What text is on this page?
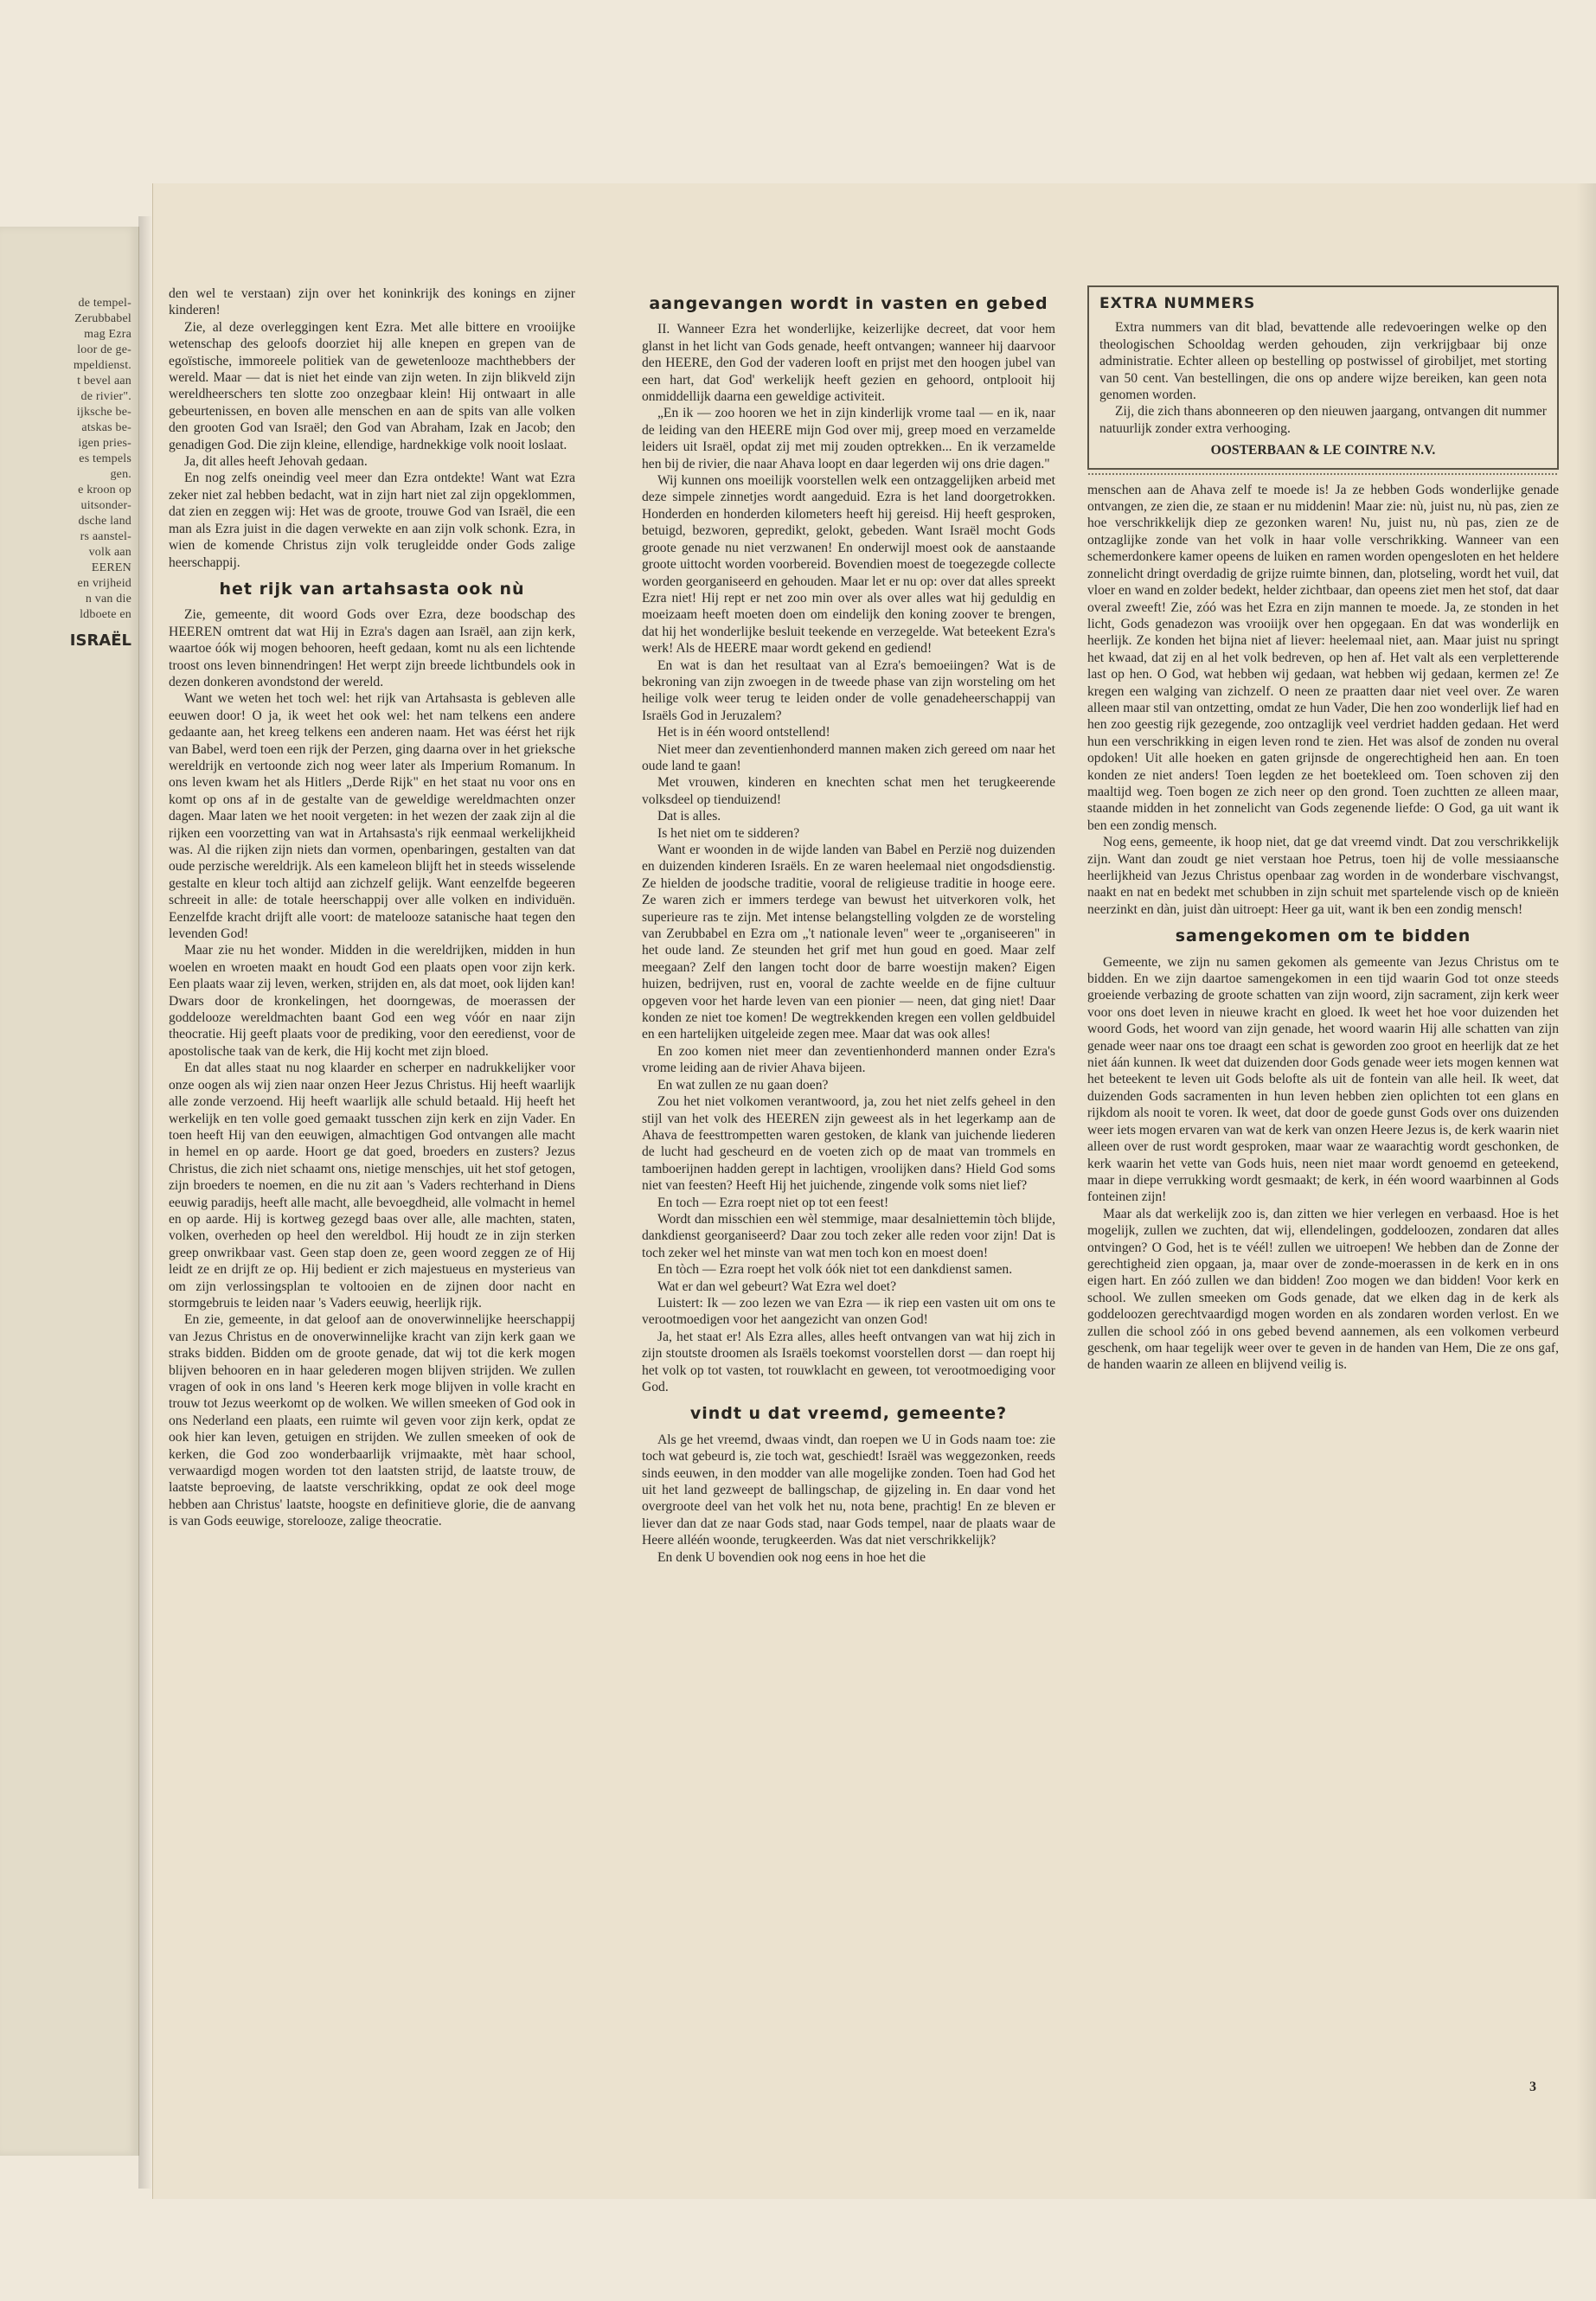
de tempel-
Zerubbabel
mag Ezra
loor de ge-
mpeldienst.
t bevel aan
de rivier".
ijksche be-
atskas be-
igen pries-
es tempels
gen.
e kroon op
uitsonder-
dsche land
rs aanstel-
volk aan
EEREN
en vrijheid
n van die
ldboete en
ISRAËL

den wel te verstaan) zijn over het koninkrijk des konings en zijner kinderen!

Zie, al deze overleggingen kent Ezra. Met alle bittere en vrooiijke wetenschap des geloofs doorziet hij alle knepen en grepen van de egoïstische, immoreele politiek van de gewetenlooze machthebbers der wereld. Maar — dat is niet het einde van zijn weten. In zijn blikveld zijn wereldheerschers ten slotte zoo onzegbaar klein! Hij ontwaart in alle gebeurtenissen, en boven alle menschen en aan de spits van alle volken den grooten God van Israël; den God van Abraham, Izak en Jacob; den genadigen God. Die zijn kleine, ellendige, hardnekkige volk nooit loslaat.

Ja, dit alles heeft Jehovah gedaan.

En nog zelfs oneindig veel meer dan Ezra ontdekte! Want wat Ezra zeker niet zal hebben bedacht, wat in zijn hart niet zal zijn opgeklommen, dat zien en zeggen wij: Het was de groote, trouwe God van Israël, die een man als Ezra juist in die dagen verwekte en aan zijn volk schonk. Ezra, in wien de komende Christus zijn volk terugleidde onder Gods zalige heerschappij.

het rijk van artahsasta ook nù

Zie, gemeente, dit woord Gods over Ezra, deze boodschap des HEEREN omtrent dat wat Hij in Ezra's dagen aan Israël, aan zijn kerk, waartoe óók wij mogen behooren, heeft gedaan, komt nu als een lichtende troost ons leven binnendringen! Het werpt zijn breede lichtbundels ook in dezen donkeren avondstond der wereld.

Want we weten het toch wel: het rijk van Artahsasta is gebleven alle eeuwen door! O ja, ik weet het ook wel: het nam telkens een andere gedaante aan, het kreeg telkens een anderen naam. Het was éérst het rijk van Babel, werd toen een rijk der Perzen, ging daarna over in het grieksche wereldrijk en vertoonde zich nog weer later als Imperium Romanum. In ons leven kwam het als Hitlers „Derde Rijk" en het staat nu voor ons en komt op ons af in de gestalte van de geweldige wereldmachten onzer dagen. Maar laten we het nooit vergeten: in het wezen der zaak zijn al die rijken een voorzetting van wat in Artahsasta's rijk eenmaal werkelijkheid was. Al die rijken zijn niets dan vormen, openbaringen, gestalten van dat oude perzische wereldrijk. Als een kameleon blijft het in steeds wisselende gestalte en kleur toch altijd aan zichzelf gelijk. Want eenzelfde begeeren schreeit in alle: de totale heerschappij over alle volken en individuën. Eenzelfde kracht drijft alle voort: de matelooze satanische haat tegen den levenden God!

Maar zie nu het wonder. Midden in die wereldrijken, midden in hun woelen en wroeten maakt en houdt God een plaats open voor zijn kerk. Een plaats waar zij leven, werken, strijden en, als dat moet, ook lijden kan! Dwars door de kronkelingen, het doorngewas, de moerassen der goddelooze wereldmachten baant God een weg vóór en naar zijn theocratie. Hij geeft plaats voor de prediking, voor den eeredienst, voor de apostolische taak van de kerk, die Hij kocht met zijn bloed.

En dat alles staat nu nog klaarder en scherper en nadrukkelijker voor onze oogen als wij zien naar onzen Heer Jezus Christus. Hij heeft waarlijk alle zonde verzoend. Hij heeft waarlijk alle schuld betaald. Hij heeft het werkelijk en ten volle goed gemaakt tusschen zijn kerk en zijn Vader. En toen heeft Hij van den eeuwigen, almachtigen God ontvangen alle macht in hemel en op aarde. Hoort ge dat goed, broeders en zusters? Jezus Christus, die zich niet schaamt ons, nietige menschjes, uit het stof getogen, zijn broeders te noemen, en die nu zit aan 's Vaders rechterhand in Diens eeuwig paradijs, heeft alle macht, alle bevoegdheid, alle volmacht in hemel en op aarde. Hij is kortweg gezegd baas over alle, alle machten, staten, volken, overheden op heel den wereldbol. Hij houdt ze in zijn sterken greep onwrikbaar vast. Geen stap doen ze, geen woord zeggen ze of Hij leidt ze en drijft ze op. Hij bedient er zich majestueus en mysterieus van om zijn verlossingsplan te voltooien en de zijnen door nacht en stormgebruis te leiden naar 's Vaders eeuwig, heerlijk rijk.

En zie, gemeente, in dat geloof aan de onoverwinnelijke heerschappij van Jezus Christus en de onoverwinnelijke kracht van zijn kerk gaan we straks bidden. Bidden om de groote genade, dat wij tot die kerk mogen blijven behooren en in haar gelederen mogen blijven strijden. We zullen vragen of ook in ons land 's Heeren kerk moge blijven in volle kracht en trouw tot Jezus weerkomt op de wolken. We willen smeeken of God ook in ons Nederland een plaats, een ruimte wil geven voor zijn kerk, opdat ze ook hier kan leven, getuigen en strijden. We zullen smeeken of ook de kerken, die God zoo wonderbaarlijk vrijmaakte, mèt haar school, verwaardigd mogen worden tot den laatsten strijd, de laatste trouw, de laatste beproeving, de laatste verschrikking, opdat ze ook deel moge hebben aan Christus' laatste, hoogste en definitieve glorie, die de aanvang is van Gods eeuwige, storelooze, zalige theocratie.

aangevangen wordt in vasten en gebed

II. Wanneer Ezra het wonderlijke, keizerlijke decreet, dat voor hem glanst in het licht van Gods genade, heeft ontvangen; wanneer hij daarvoor den HEERE, den God der vaderen looft en prijst met den hoogen jubel van een hart, dat God' werkelijk heeft gezien en gehoord, ontplooit hij onmiddellijk daarna een geweldige activiteit.

„En ik — zoo hooren we het in zijn kinderlijk vrome taal — en ik, naar de leiding van den HEERE mijn God over mij, greep moed en verzamelde leiders uit Israël, opdat zij met mij zouden optrekken... En ik verzamelde hen bij de rivier, die naar Ahava loopt en daar legerden wij ons drie dagen."

Wij kunnen ons moeilijk voorstellen welk een ontzaggelijken arbeid met deze simpele zinnetjes wordt aangeduid. Ezra is het land doorgetrokken. Honderden en honderden kilometers heeft hij gereisd. Hij heeft gesproken, betuigd, bezworen, gepredikt, gelokt, gebeden. Want Israël mocht Gods groote genade nu niet verzwanen! En onderwijl moest ook de aanstaande groote uittocht worden voorbereid. Bovendien moest de toegezegde collecte worden georganiseerd en gehouden. Maar let er nu op: over dat alles spreekt Ezra niet! Hij rept er net zoo min over als over alles wat hij geduldig en moeizaam heeft moeten doen om eindelijk den koning zoover te brengen, dat hij het wonderlijke besluit teekende en verzegelde. Wat beteekent Ezra's werk! Als de HEERE maar wordt gekend en gediend!

En wat is dan het resultaat van al Ezra's bemoeiingen? Wat is de bekroning van zijn zwoegen in de tweede phase van zijn worsteling om het heilige volk weer terug te leiden onder de volle genadeheerschappij van Israëls God in Jeruzalem?

Het is in één woord ontstellend!

Niet meer dan zeventienhonderd mannen maken zich gereed om naar het oude land te gaan!

Met vrouwen, kinderen en knechten schat men het terugkeerende volksdeel op tienduizend!

Dat is alles.

Is het niet om te sidderen?

Want er woonden in de wijde landen van Babel en Perzië nog duizenden en duizenden kinderen Israëls. En ze waren heelemaal niet ongodsdienstig. Ze hielden de joodsche traditie, vooral de religieuse traditie in hooge eere. Ze waren zich er immers terdege van bewust het uitverkoren volk, het superieure ras te zijn. Met intense belangstelling volgden ze de worsteling van Zerubbabel en Ezra om „'t nationale leven" weer te „organiseeren" in het oude land. Ze steunden het grif met hun goud en goed. Maar zelf meegaan? Zelf den langen tocht door de barre woestijn maken? Eigen huizen, bedrijven, rust en, vooral de zachte weelde en de fijne cultuur opgeven voor het harde leven van een pionier — neen, dat ging niet! Daar konden ze niet toe komen! De wegtrekkenden kregen een vollen geldbuidel en een hartelijken uitgeleide zegen mee. Maar dat was ook alles!

En zoo komen niet meer dan zeventienhonderd mannen onder Ezra's vrome leiding aan de rivier Ahava bijeen.

En wat zullen ze nu gaan doen?

Zou het niet volkomen verantwoord, ja, zou het niet zelfs geheel in den stijl van het volk des HEEREN zijn geweest als in het legerkamp aan de Ahava de feesttrompetten waren gestoken, de klank van juichende liederen de lucht had gescheurd en de voeten zich op de maat van trommels en tamboerijnen hadden gerept in lachtigen, vroolijken dans? Hield God soms niet van feesten? Heeft Hij het juichende, zingende volk soms niet lief?

En toch — Ezra roept niet op tot een feest!

Wordt dan misschien een wèl stemmige, maar desalniettemin tòch blijde, dankdienst georganiseerd? Daar zou toch zeker alle reden voor zijn! Dat is toch zeker wel het minste van wat men toch kon en moest doen!

En tòch — Ezra roept het volk óók niet tot een dankdienst samen.

Wat er dan wel gebeurt? Wat Ezra wel doet?

Luistert: Ik — zoo lezen we van Ezra — ik riep een vasten uit om ons te verootmoedigen voor het aangezicht van onzen God!

Ja, het staat er! Als Ezra alles, alles heeft ontvangen van wat hij zich in zijn stoutste droomen als Israëls toekomst voorstellen dorst — dan roept hij het volk op tot vasten, tot rouwklacht en geween, tot verootmoediging voor God.

vindt u dat vreemd, gemeente?

Als ge het vreemd, dwaas vindt, dan roepen we U in Gods naam toe: zie toch wat gebeurd is, zie toch wat, geschiedt! Israël was weggezonken, reeds sinds eeuwen, in den modder van alle mogelijke zonden. Toen had God het uit het land gezweept de ballingschap, de gijzeling in. En daar vond het overgroote deel van het volk het nu, nota bene, prachtig! En ze bleven er liever dan dat ze naar Gods stad, naar Gods tempel, naar de plaats waar de Heere alléén woonde, terugkeerden. Was dat niet verschrikkelijk?

En denk U bovendien ook nog eens in hoe het die

EXTRA NUMMERS

Extra nummers van dit blad, bevattende alle redevoeringen welke op den theologischen Schooldag werden gehouden, zijn verkrijgbaar bij onze administratie. Echter alleen op bestelling op postwissel of girobiljet, met storting van 50 cent. Van bestellingen, die ons op andere wijze bereiken, kan geen nota genomen worden.

Zij, die zich thans abonneeren op den nieuwen jaargang, ontvangen dit nummer natuurlijk zonder extra verhooging.

OOSTERBAAN & LE COINTRE N.V.

menschen aan de Ahava zelf te moede is! Ja ze hebben Gods wonderlijke genade ontvangen, ze zien die, ze staan er nu middenin! Maar zie: nù, juist nu, nù pas, zien ze hoe verschrikkelijk diep ze gezonken waren! Nu, juist nu, nù pas, zien ze de ontzaglijke zonde van het volk in haar volle verschrikking. Wanneer van een schemerdonkere kamer opeens de luiken en ramen worden opengesloten en het heldere zonnelicht dringt overdadig de grijze ruimte binnen, dan, plotseling, wordt het vuil, dat vloer en wand en zolder bedekt, helder zichtbaar, dan opeens ziet men het stof, dat daar overal zweeft! Zie, zóó was het Ezra en zijn mannen te moede. Ja, ze stonden in het licht, Gods genadezon was vrooiijk over hen opgegaan. En dat was wonderlijk en heerlijk. Ze konden het bijna niet af liever: heelemaal niet, aan. Maar juist nu springt het kwaad, dat zij en al het volk bedreven, op hen af. Het valt als een verpletterende last op hen. O God, wat hebben wij gedaan, wat hebben wij gedaan, kermen ze! Ze kregen een walging van zichzelf. O neen ze praatten daar niet veel over. Ze waren alleen maar stil van ontzetting, omdat ze hun Vader, Die hen zoo wonderlijk lief had en hen zoo geestig rijk gezegende, zoo ontzaglijk veel verdriet hadden gedaan. Het werd hun een verschrikking in eigen leven rond te zien. Het was alsof de zonden nu overal opdoken! Uit alle hoeken en gaten grijnsde de ongerechtigheid hen aan. En toen konden ze niet anders! Toen legden ze het boetekleed om. Toen schoven zij den maaltijd weg. Toen bogen ze zich neer op den grond. Toen zuchtten ze alleen maar, staande midden in het zonnelicht van Gods zegenende liefde: O God, ga uit want ik ben een zondig mensch.

Nog eens, gemeente, ik hoop niet, dat ge dat vreemd vindt. Dat zou verschrikkelijk zijn. Want dan zoudt ge niet verstaan hoe Petrus, toen hij de volle messiaansche heerlijkheid van Jezus Christus openbaar zag worden in de wonderbare vischvangst, naakt en nat en bedekt met schubben in zijn schuit met spartelende visch op de knieën neerzinkt en dàn, juist dàn uitroept: Heer ga uit, want ik ben een zondig mensch!

samengekomen om te bidden

Gemeente, we zijn nu samen gekomen als gemeente van Jezus Christus om te bidden. En we zijn daartoe samengekomen in een tijd waarin God tot onze steeds groeiende verbazing de groote schatten van zijn woord, zijn sacrament, zijn kerk weer voor ons doet leven in nieuwe kracht en gloed. Ik weet het hoe voor duizenden het woord Gods, het woord van zijn genade, het woord waarin Hij alle schatten van zijn genade weer naar ons toe draagt een schat is geworden zoo groot en heerlijk dat ze het niet áán kunnen. Ik weet dat duizenden door Gods genade weer iets mogen kennen wat het beteekent te leven uit Gods belofte als uit de fontein van alle heil. Ik weet, dat duizenden Gods sacramenten in hun leven hebben zien oplichten tot een glans en rijkdom als nooit te voren. Ik weet, dat door de goede gunst Gods over ons duizenden weer iets mogen ervaren van wat de kerk van onzen Heere Jezus is, de kerk waarin niet alleen over de rust wordt gesproken, maar waar ze waarachtig wordt geschonken, de kerk waarin het vette van Gods huis, neen niet maar wordt genoemd en geteekend, maar in diepe verrukking wordt gesmaakt; de kerk, in één woord waarbinnen al Gods fonteinen zijn!

Maar als dat werkelijk zoo is, dan zitten we hier verlegen en verbaasd. Hoe is het mogelijk, zullen we zuchten, dat wij, ellendelingen, goddeloozen, zondaren dat alles ontvingen? O God, het is te véél! zullen we uitroepen! We hebben dan de Zonne der gerechtigheid zien opgaan, ja, maar over de zonde-moerassen in de kerk en in ons eigen hart. En zóó zullen we dan bidden! Zoo mogen we dan bidden! Voor kerk en school. We zullen smeeken om Gods genade, dat we elken dag in de kerk als goddeloozen gerechtvaardigd mogen worden en als zondaren worden verlost. En we zullen die school zóó in ons gebed bevend aannemen, als een volkomen verbeurd geschenk, om haar tegelijk weer over te geven in de handen van Hem, Die ze ons gaf, de handen waarin ze alleen en blijvend veilig is.

3
